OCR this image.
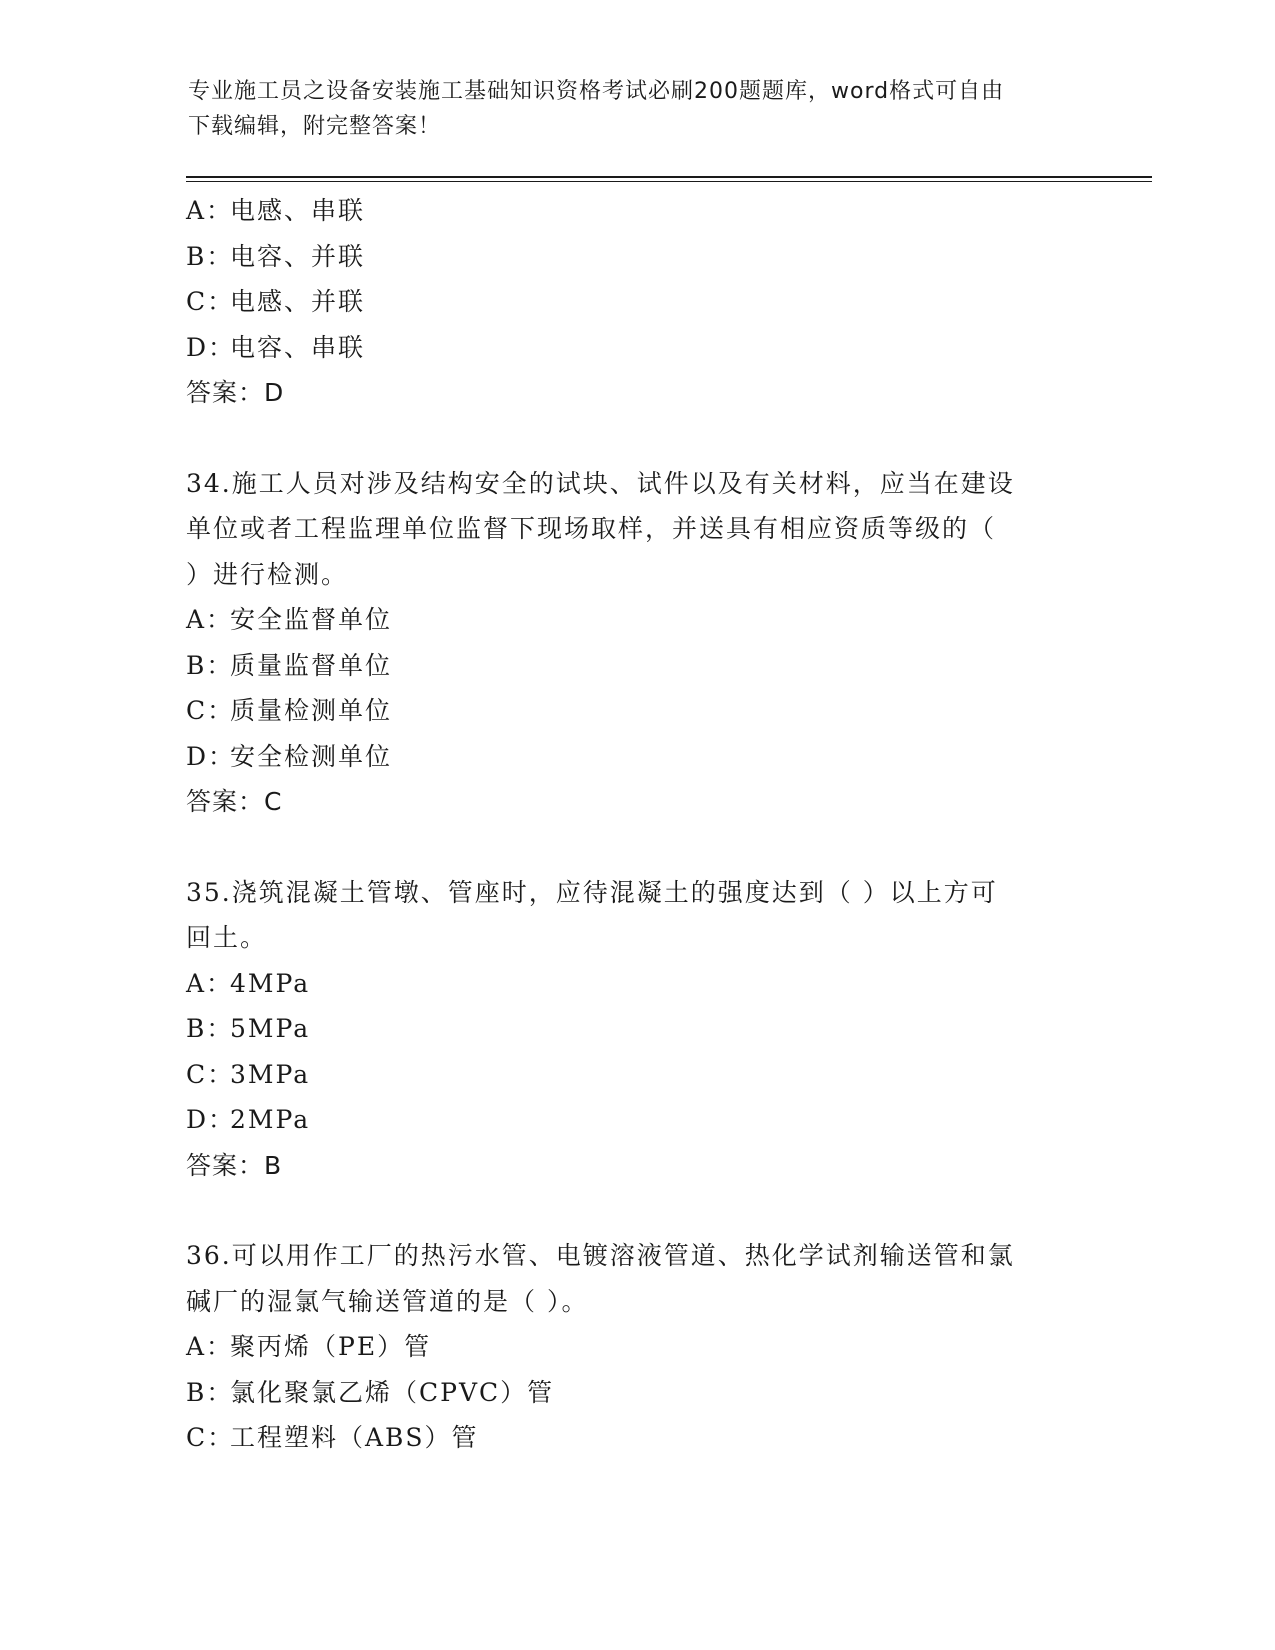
专业施工员之设备安装施工基础知识资格考试必刷200题题库，word格式可自由
下载编辑，附完整答案！
A：电感、串联
B：电容、并联
C：电感、并联
D：电容、串联
答案：D
34.施工人员对涉及结构安全的试块、试件以及有关材料，应当在建设
单位或者工程监理单位监督下现场取样，并送具有相应资质等级的（
）进行检测。
A：安全监督单位
B：质量监督单位
C：质量检测单位
D：安全检测单位
答案：C
35.浇筑混凝土管墩、管座时，应待混凝土的强度达到（ ）以上方可
回土。
A：4MPa
B：5MPa
C：3MPa
D：2MPa
答案：B
36.可以用作工厂的热污水管、电镀溶液管道、热化学试剂输送管和氯
碱厂的湿氯气输送管道的是（ ）。
A：聚丙烯（PE）管
B：氯化聚氯乙烯（CPVC）管
C：工程塑料（ABS）管
